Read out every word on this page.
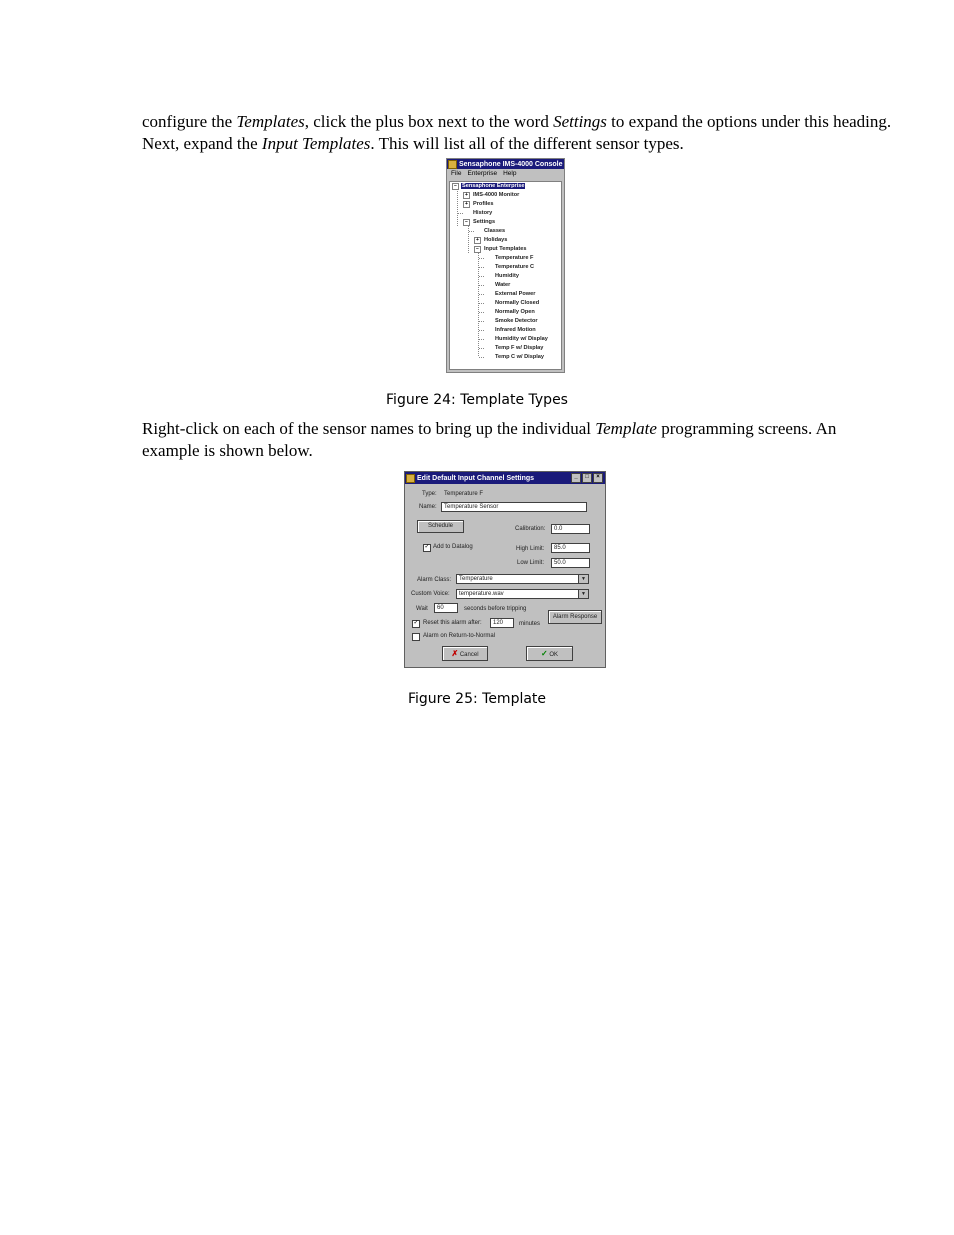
configure the Templates, click the plus box next to the word Settings to expand the options under this heading. Next, expand the Input Templates. This will list all of the different sensor types.

Sensaphone IMS-4000 Console
File Enterprise Help
− Sensaphone Enterprise
+ IMS-4000 Monitor
+ Profiles
History
− Settings
Classes
+ Holidays
− Input Templates
Temperature F
Temperature C
Humidity
Water
External Power
Normally Closed
Normally Open
Smoke Detector
Infrared Motion
Humidity w/ Display
Temp F w/ Display
Temp C w/ Display
Figure 24: Template Types

Right-click on each of the sensor names to bring up the individual Template programming screens. An example is shown below.

Edit Default Input Channel Settings	_	□	×
Type: Temperature F
Name:	Temperature Sensor
Schedule	Calibration:	0.0
✓ Add to Datalog	High Limit:	85.0
Low Limit:	50.0
Alarm Class:	Temperature	▼
Custom Voice:	temperature.wav	▼
Wait	60	seconds before tripping
Alarm Response
✓ Reset this alarm after:	120	minutes
Alarm on Return-to-Normal
✗ Cancel	✓ OK
Figure 25: Template
